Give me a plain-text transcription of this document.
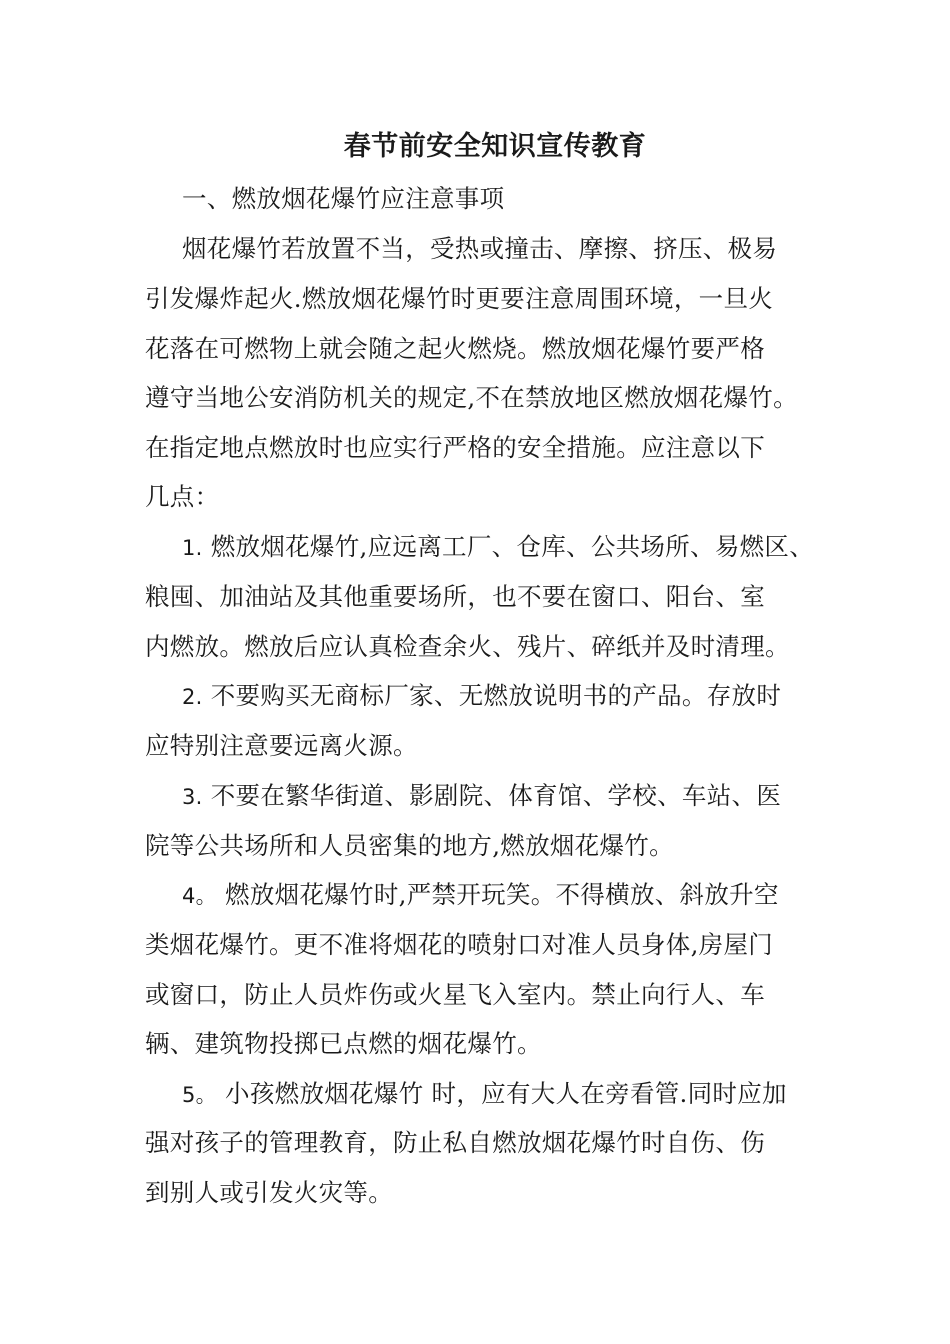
春节前安全知识宣传教育
一、燃放烟花爆竹应注意事项
烟花爆竹若放置不当，受热或撞击、摩擦、挤压、极易
引发爆炸起火.燃放烟花爆竹时更要注意周围环境，一旦火
花落在可燃物上就会随之起火燃烧。燃放烟花爆竹要严格
遵守当地公安消防机关的规定,不在禁放地区燃放烟花爆竹。
在指定地点燃放时也应实行严格的安全措施。应注意以下
几点：
1. 燃放烟花爆竹,应远离工厂、仓库、公共场所、易燃区、
粮囤、加油站及其他重要场所，也不要在窗口、阳台、室
内燃放。燃放后应认真检查余火、残片、碎纸并及时清理。
2. 不要购买无商标厂家、无燃放说明书的产品。存放时
应特别注意要远离火源。
3. 不要在繁华街道、影剧院、体育馆、学校、车站、医
院等公共场所和人员密集的地方,燃放烟花爆竹。
4。 燃放烟花爆竹时,严禁开玩笑。不得横放、斜放升空
类烟花爆竹。更不准将烟花的喷射口对准人员身体,房屋门
或窗口，防止人员炸伤或火星飞入室内。禁止向行人、车
辆、建筑物投掷已点燃的烟花爆竹。
5。 小孩燃放烟花爆竹 时，应有大人在旁看管.同时应加
强对孩子的管理教育，防止私自燃放烟花爆竹时自伤、伤
到别人或引发火灾等。
